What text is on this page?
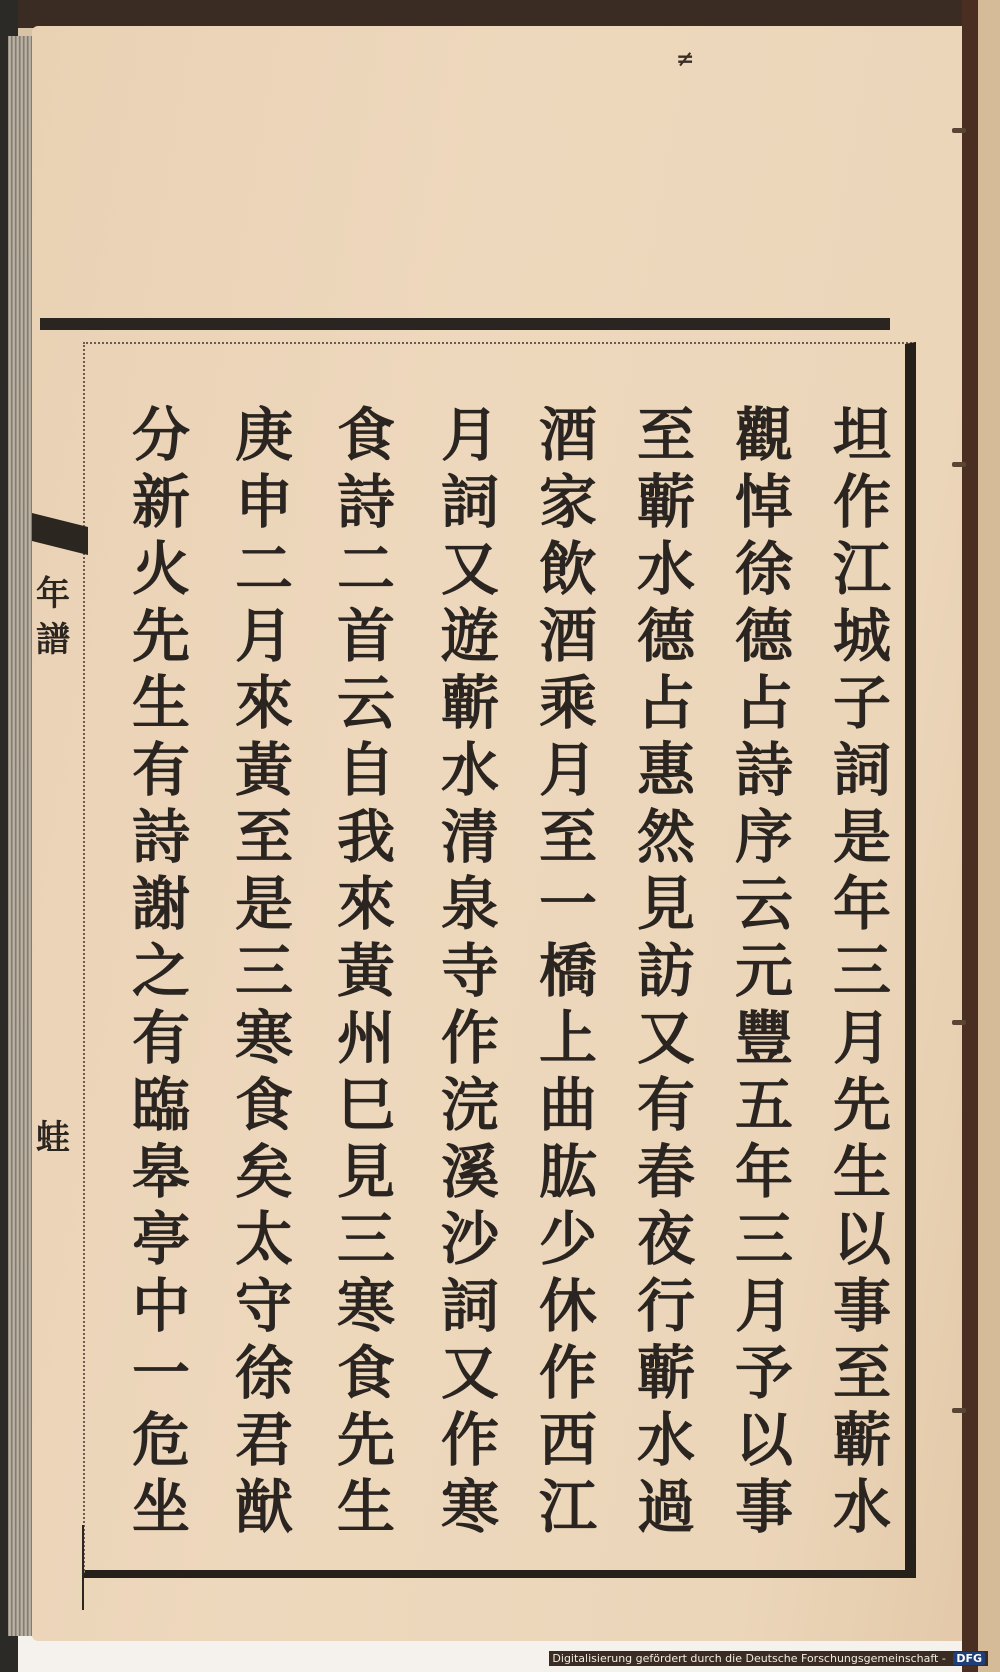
≠
坦作江城子詞是年三月先生以事至蘄水
觀悼徐德占詩序云元豐五年三月予以事
至蘄水德占惠然見訪又有春夜行蘄水過
酒家飲酒乘月至一橋上曲肱少休作西江
月詞又遊蘄水清泉寺作浣溪沙詞又作寒
食詩二首云自我來黃州巳見三寒食先生
庚申二月來黃至是三寒食矣太守徐君猷
分新火先生有詩謝之有臨皋亭中一危坐
年
譜
蛙
Digitalisierung gefördert durch die Deutsche Forschungsgemeinschaft - DFG
